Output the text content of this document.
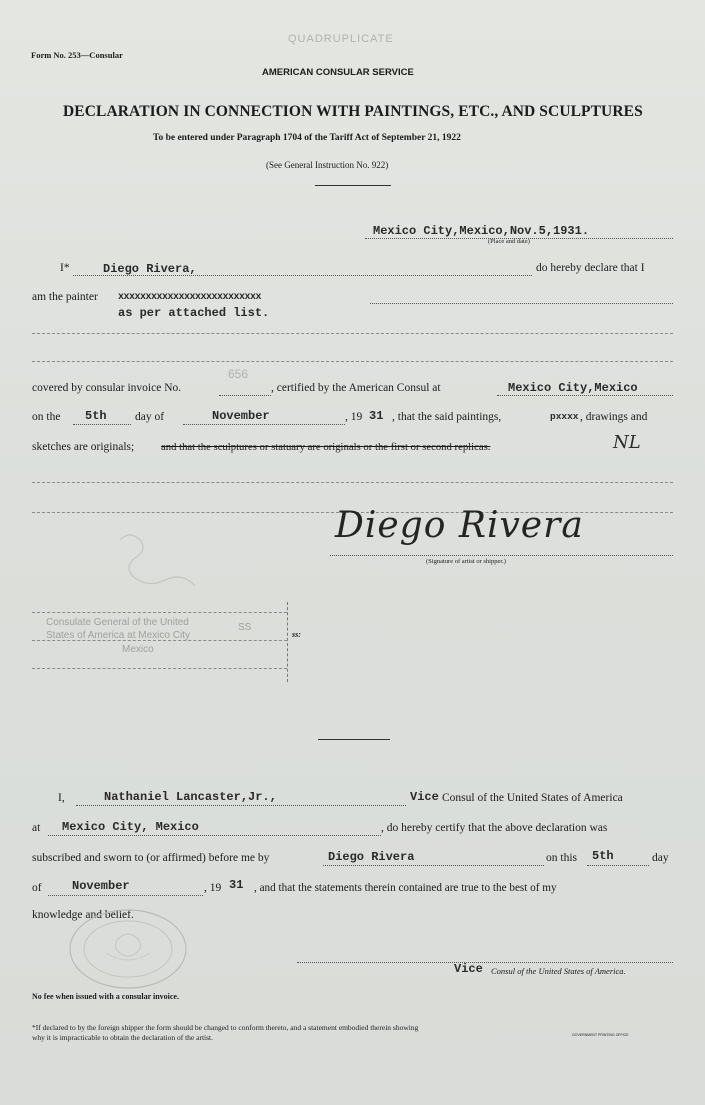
QUADRUPLICATE
Form No. 253—Consular
AMERICAN CONSULAR SERVICE
DECLARATION IN CONNECTION WITH PAINTINGS, ETC., AND SCULPTURES
To be entered under Paragraph 1704 of the Tariff Act of September 21, 1922
(See General Instruction No. 922)
Mexico City,Mexico,Nov.5,1931.
(Place and date)
I*	Diego Rivera,	do hereby declare that I
am the painter xxxxxxxxxxxxxxxxxxxxxxxxxx
as per attached list.
covered by consular invoice No.
656
, certified by the American Consul at	Mexico City,Mexico
on the 5th day of	November	, 19 31 , that the said paintings,	pxxxx , drawings and
sketches are originals;	and that the sculptures or statuary are originals or the first or second replicas.	NL
Diego Rivera
(Signature of artist or shipper.)
Consulate General of the United
States of America at Mexico City
Mexico
SS
ss:
I,	Nathaniel Lancaster,Jr.,	Vice Consul of the United States of America
at Mexico City, Mexico	, do hereby certify that the above declaration was
subscribed and sworn to (or affirmed) before me by	Diego Rivera	on this 5th	day
of	November	, 19 31 , and that the statements therein contained are true to the best of my
knowledge and belief.
Vice Consul of the United States of America.
No fee when issued with a consular invoice.
*If declared to by the foreign shipper the form should be changed to conform thereto, and a statement embodied therein showing
why it is impracticable to obtain the declaration of the artist.	GOVERNMENT PRINTING OFFICE
